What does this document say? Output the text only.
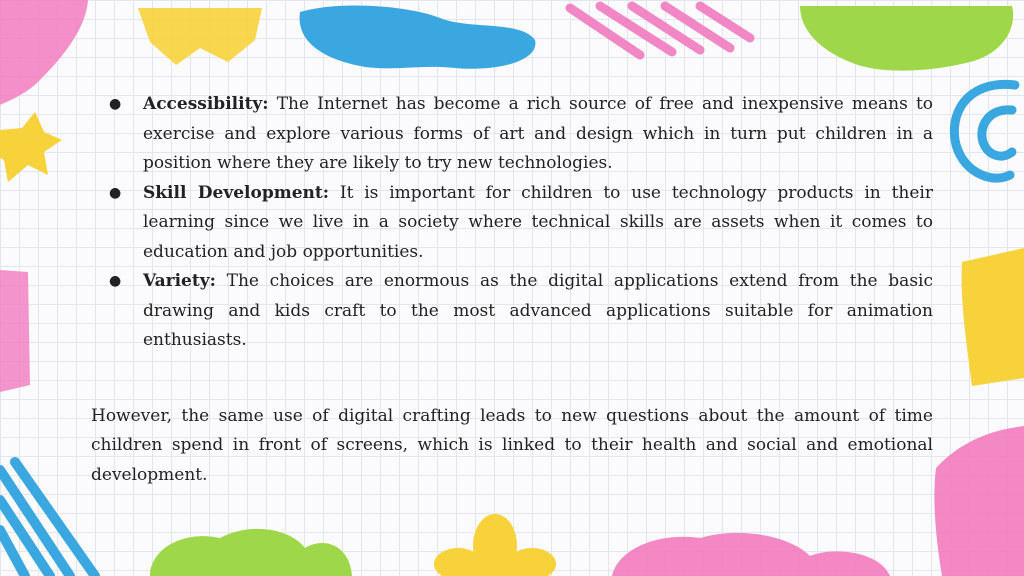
● Accessibility: The Internet has become a rich source of free and inexpensive means to exercise and explore various forms of art and design which in turn put children in a position where they are likely to try new technologies.
● Skill Development: It is important for children to use technology products in their learning since we live in a society where technical skills are assets when it comes to education and job opportunities.
● Variety: The choices are enormous as the digital applications extend from the basic drawing and kids craft to the most advanced applications suitable for animation enthusiasts.

However, the same use of digital crafting leads to new questions about the amount of time children spend in front of screens, which is linked to their health and social and emotional development.
